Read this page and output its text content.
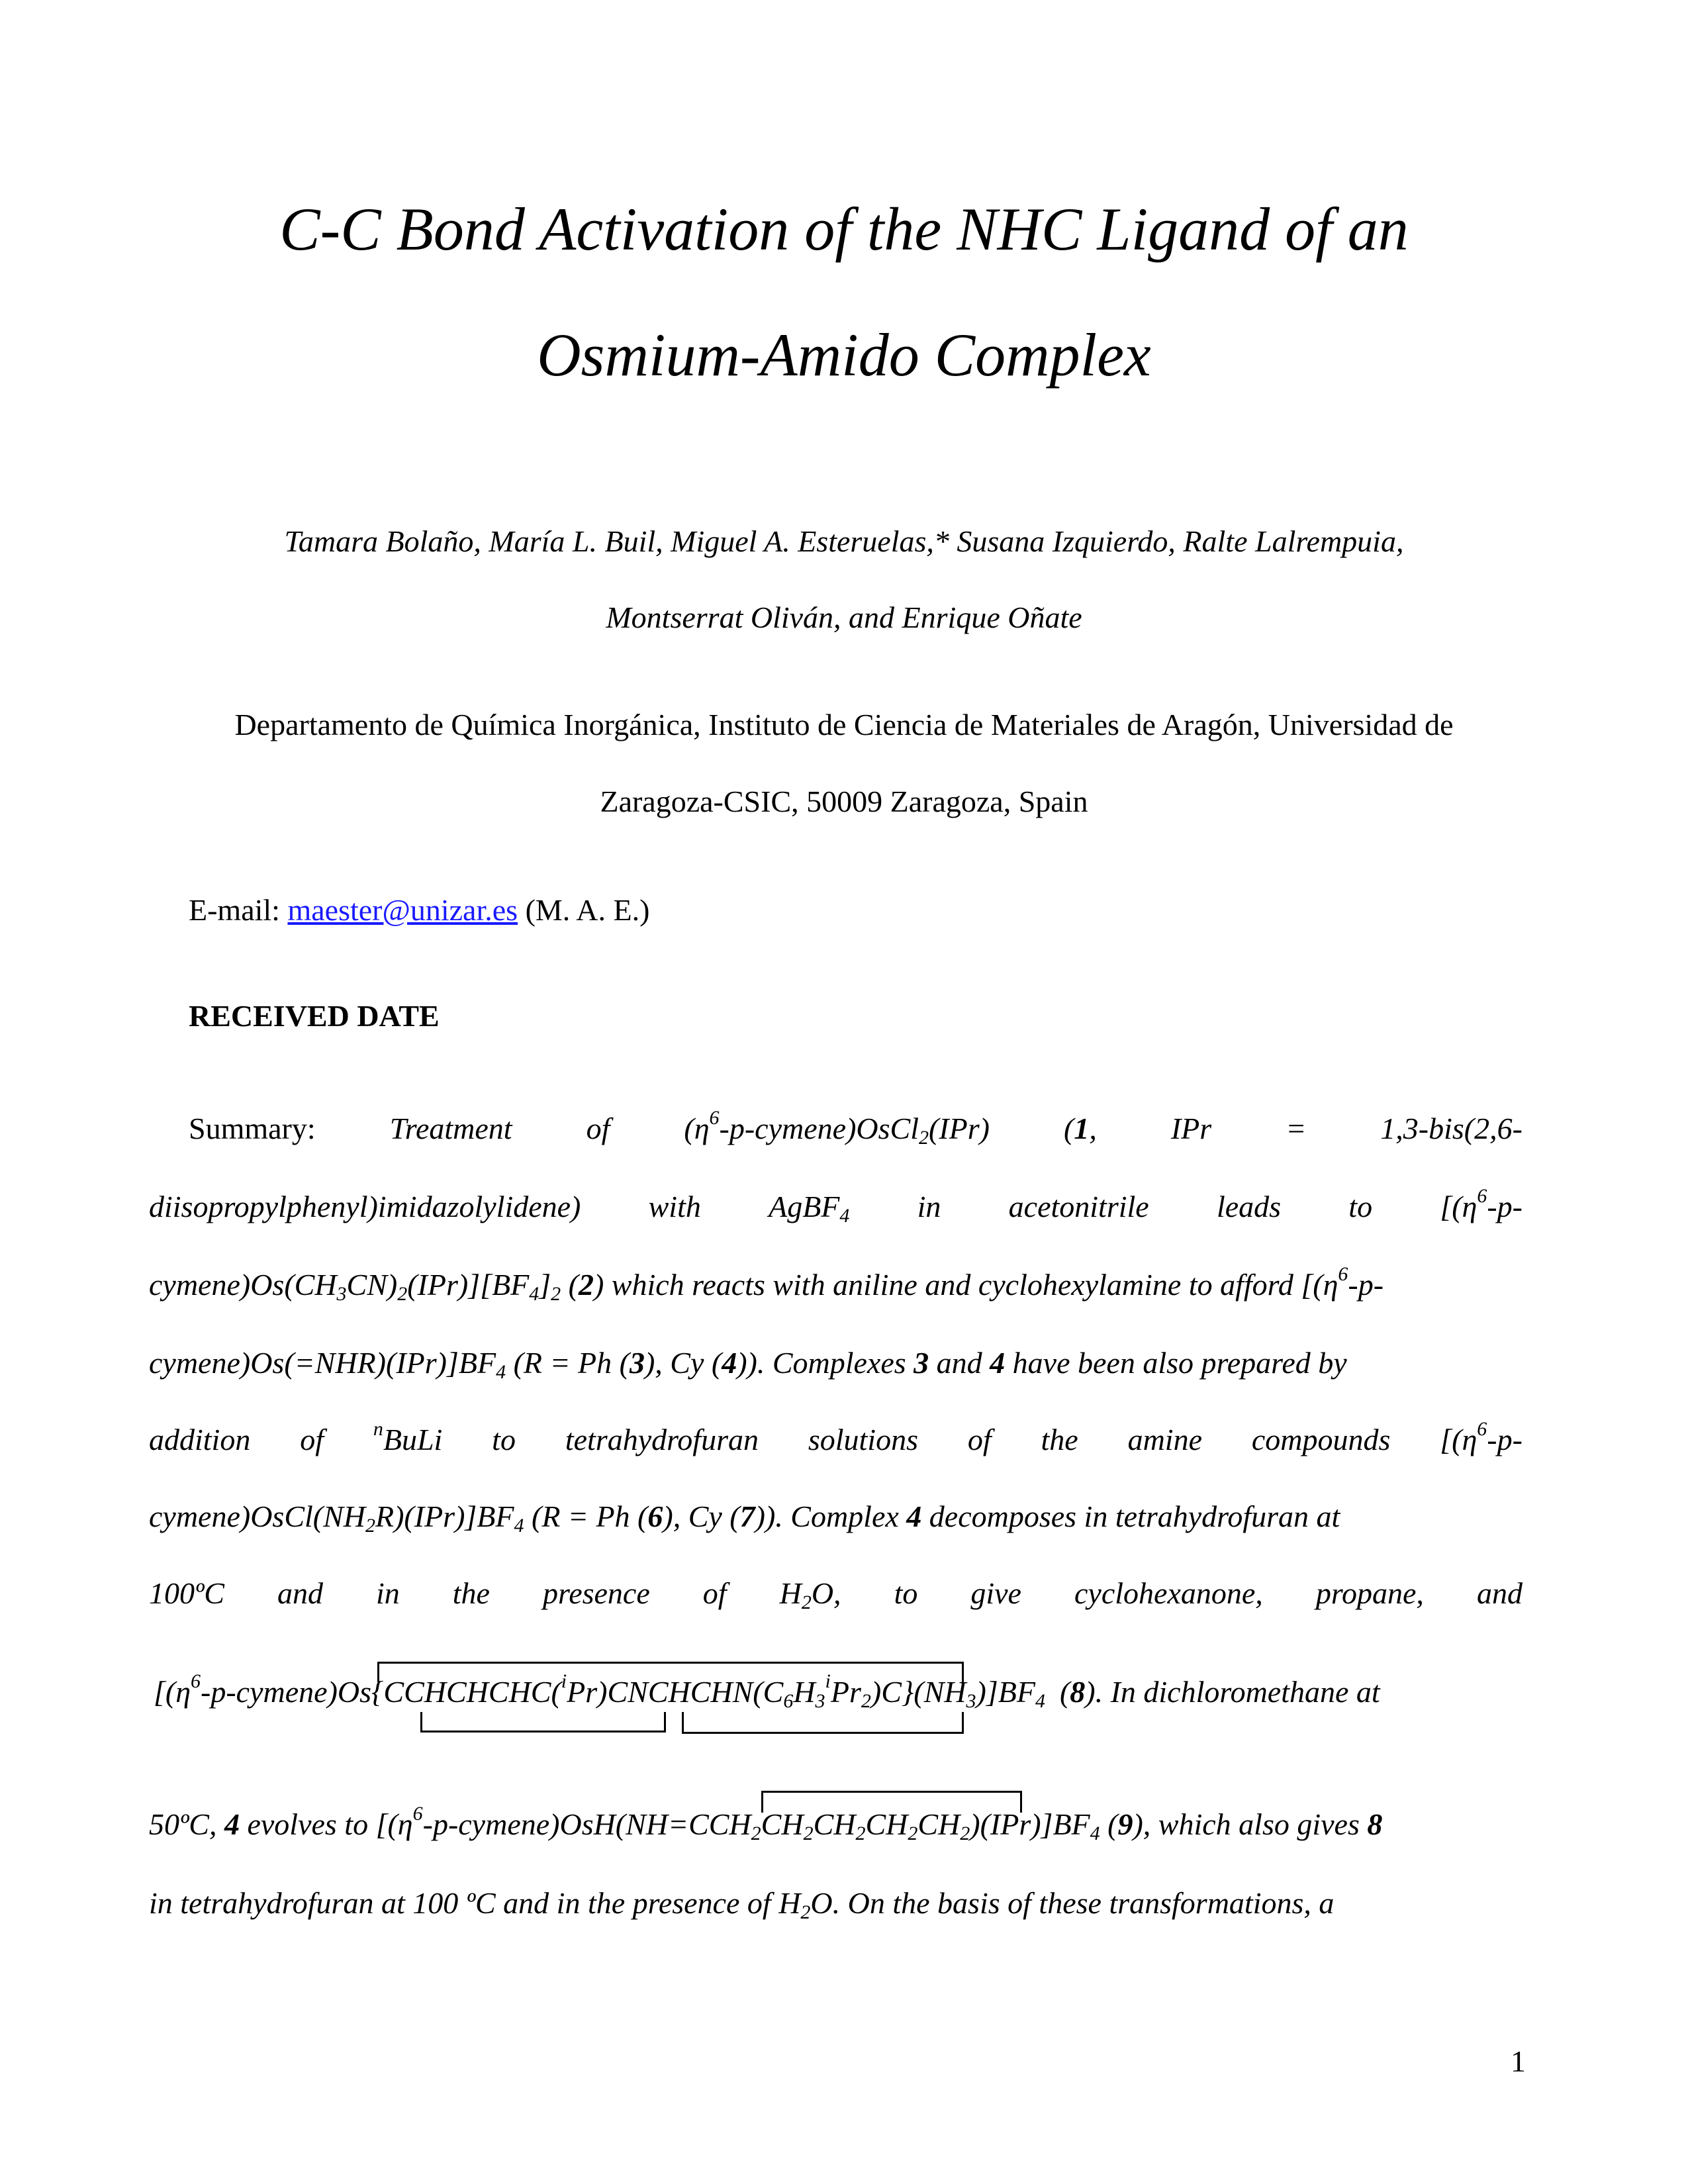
C-C Bond Activation of the NHC Ligand of an
Osmium-Amido Complex
Tamara Bolaño, María L. Buil, Miguel A. Esteruelas,* Susana Izquierdo, Ralte Lalrempuia,
Montserrat Oliván, and Enrique Oñate
Departamento de Química Inorgánica, Instituto de Ciencia de Materiales de Aragón, Universidad de
Zaragoza-CSIC, 50009 Zaragoza, Spain
E-mail: maester@unizar.es (M. A. E.)
RECEIVED DATE
Summary: Treatment of $(\eta^6-p-cymene)OsCl_2(IPr)$ (1, IPr = 1,3-bis(2,6-
diisopropylphenyl)imidazolylidene) with AgBF$_4$ in acetonitrile leads to [($\eta^6-p-$
$cymene)Os(CH_3CN)_2(IPr)][BF_4]_2$ (2) which reacts with aniline and cyclohexylamine to afford [($\eta^6-p-$
$cymene)Os(=NHR)(IPr)]BF_4$ (R = Ph (3), Cy (4)). Complexes 3 and 4 have been also prepared by
addition of $^n$BuLi to tetrahydrofuran solutions of the amine compounds [($\eta^6-p-$
$cymene)OsCl(NH_2R)(IPr)]BF_4$ (R = Ph (6), Cy (7)). Complex 4 decomposes in tetrahydrofuran at
100ºC and in the presence of $H_2O$, to give cyclohexanone, propane, and
$[(\eta^6-p-cymene)Os\{CCHCHCHC(^iPr)CNCHCHN(C_6H_3^iPr_2)C\}(NH_3)]BF_4$ (8). In dichloromethane at
50ºC, 4 evolves to $[(\eta^6-p-cymene)OsH(NH=CCH_2CH_2CH_2CH_2CH_2)(IPr)]BF_4$ (9), which also gives 8
in tetrahydrofuran at 100 ºC and in the presence of $H_2O$. On the basis of these transformations, a
1
